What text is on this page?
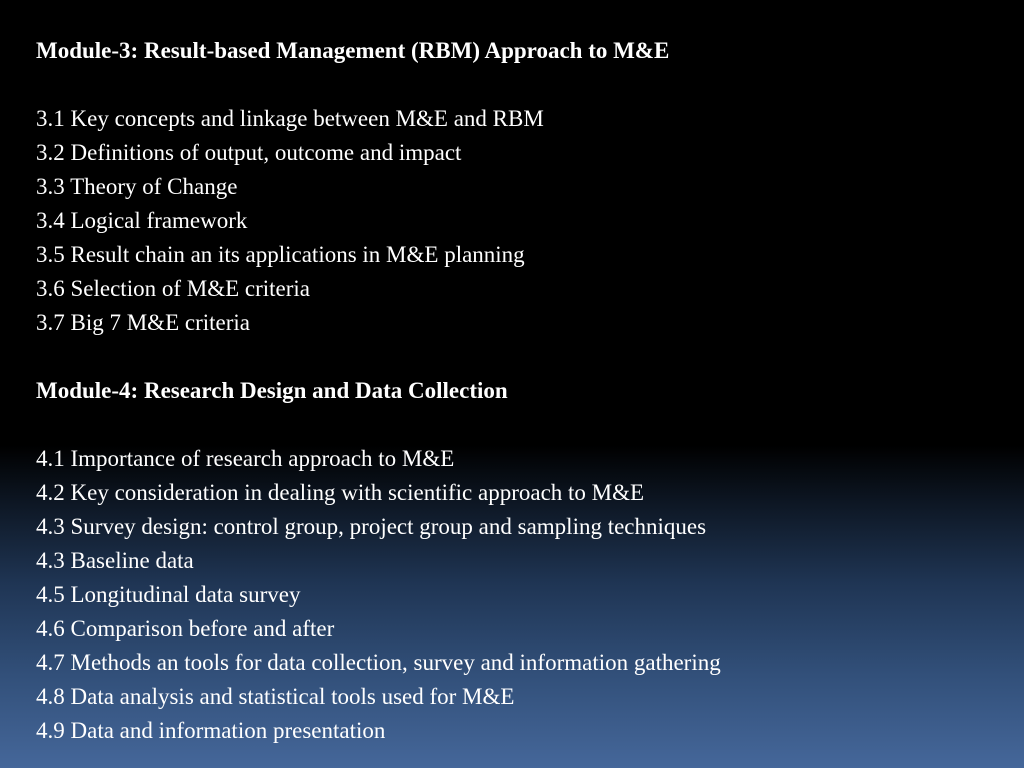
Module-3: Result-based Management (RBM) Approach to M&E
3.1 Key concepts and linkage between M&E and RBM
3.2 Definitions of output, outcome and impact
3.3 Theory of Change
3.4 Logical framework
3.5 Result chain an its applications in M&E planning
3.6 Selection of M&E criteria
3.7 Big 7 M&E criteria
Module-4: Research Design and Data Collection
4.1 Importance of research approach to M&E
4.2 Key consideration in dealing with scientific approach to M&E
4.3 Survey design: control group, project group and sampling techniques
4.3 Baseline data
4.5 Longitudinal data survey
4.6 Comparison before and after
4.7 Methods an tools for data collection, survey and information gathering
4.8 Data analysis and statistical tools used for M&E
4.9 Data and information presentation
